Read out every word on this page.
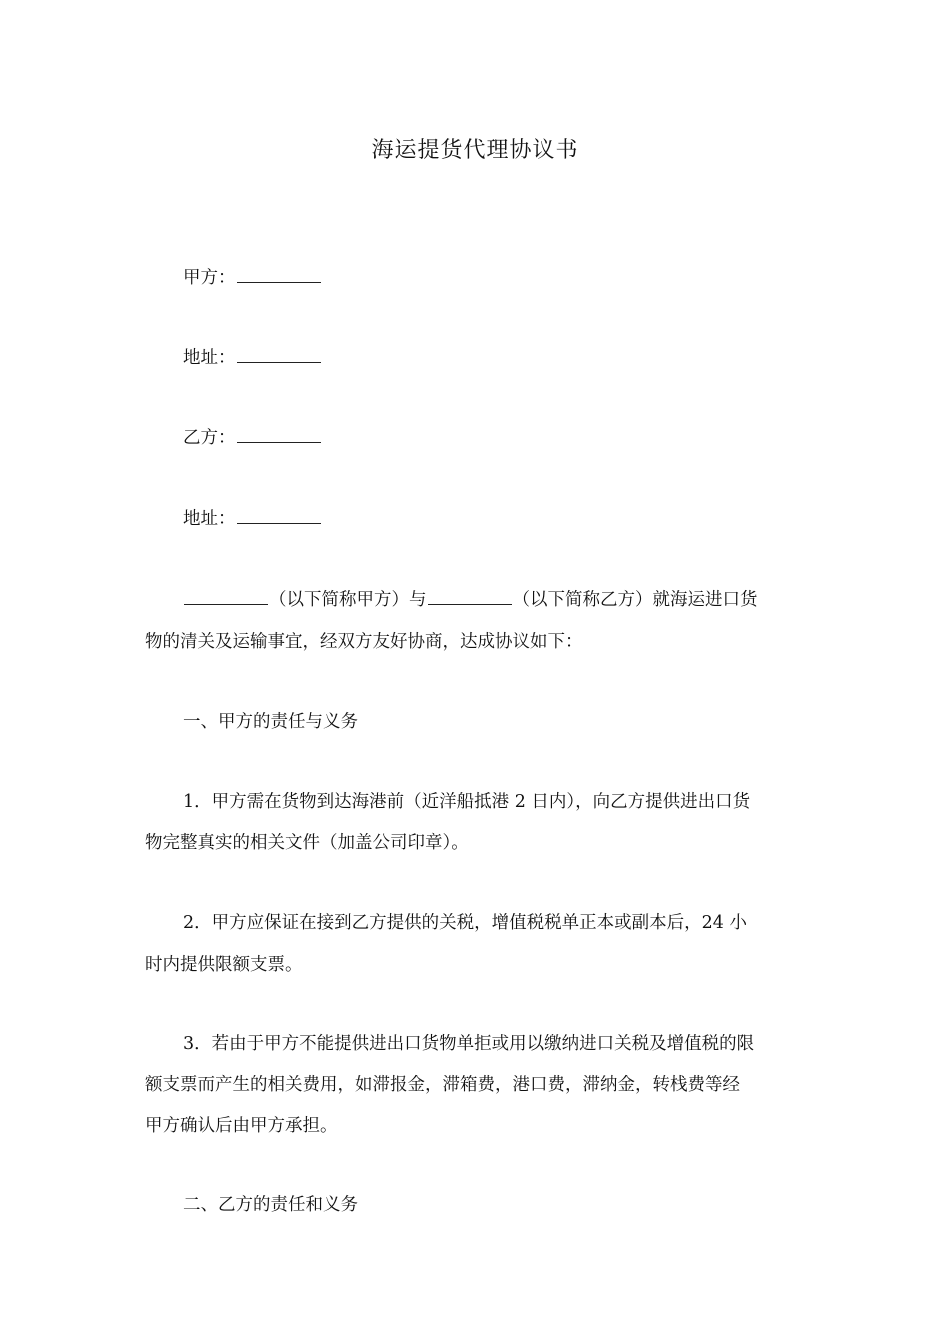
海运提货代理协议书
甲方：
地址：
乙方：
地址：
（以下简称甲方）与	（以下简称乙方）就海运进口货
物的清关及运输事宜，经双方友好协商，达成协议如下：
一、甲方的责任与义务
1．甲方需在货物到达海港前（近洋船抵港 2 日内），向乙方提供进出口货
物完整真实的相关文件（加盖公司印章）。
2．甲方应保证在接到乙方提供的关税，增值税税单正本或副本后，24 小
时内提供限额支票。
3．若由于甲方不能提供进出口货物单拒或用以缴纳进口关税及增值税的限
额支票而产生的相关费用，如滞报金，滞箱费，港口费，滞纳金，转栈费等经
甲方确认后由甲方承担。
二、乙方的责任和义务
